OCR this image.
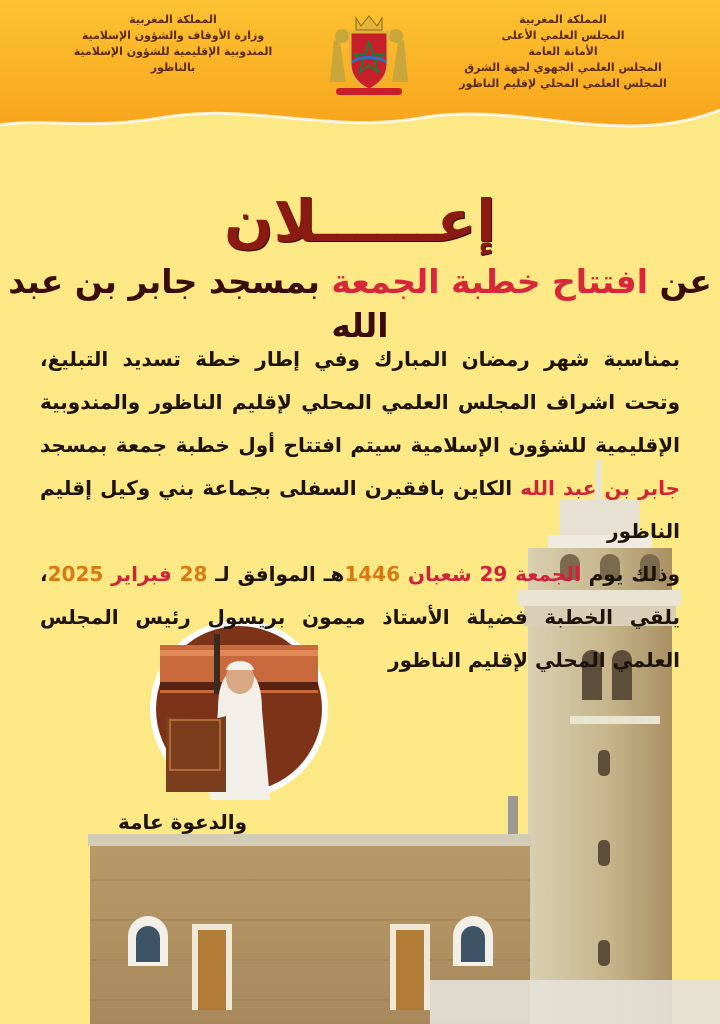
المملكة المغربية
المجلس العلمي الأعلى
الأمانة العامة
المجلس العلمي الجهوي لجهة الشرق
المجلس العلمي المحلي لإقليم الناظور
المملكة المغربية
وزارة الأوقاف والشؤون الإسلامية
المندوبية الإقليمية للشؤون الإسلامية
بالناظور
إعــــــلان
عن افتتاح خطبة الجمعة بمسجد جابر بن عبد الله
بمناسبة شهر رمضان المبارك وفي إطار خطة تسديد التبليغ، وتحت اشراف المجلس العلمي المحلي لإقليم الناظور والمندوبية الإقليمية للشؤون الإسلامية سيتم افتتاح أول خطبة جمعة بمسجد جابر بن عبد الله الكاين بافقيرن السفلى بجماعة بني وكيل إقليم الناظور
وذلك يوم الجمعة 29 شعبان 1446هـ الموافق لـ 28 فبراير 2025، يلقي الخطبة فضيلة الأستاذ ميمون بريسول رئيس المجلس العلمي المحلي لإقليم الناظور
والدعوة عامة
